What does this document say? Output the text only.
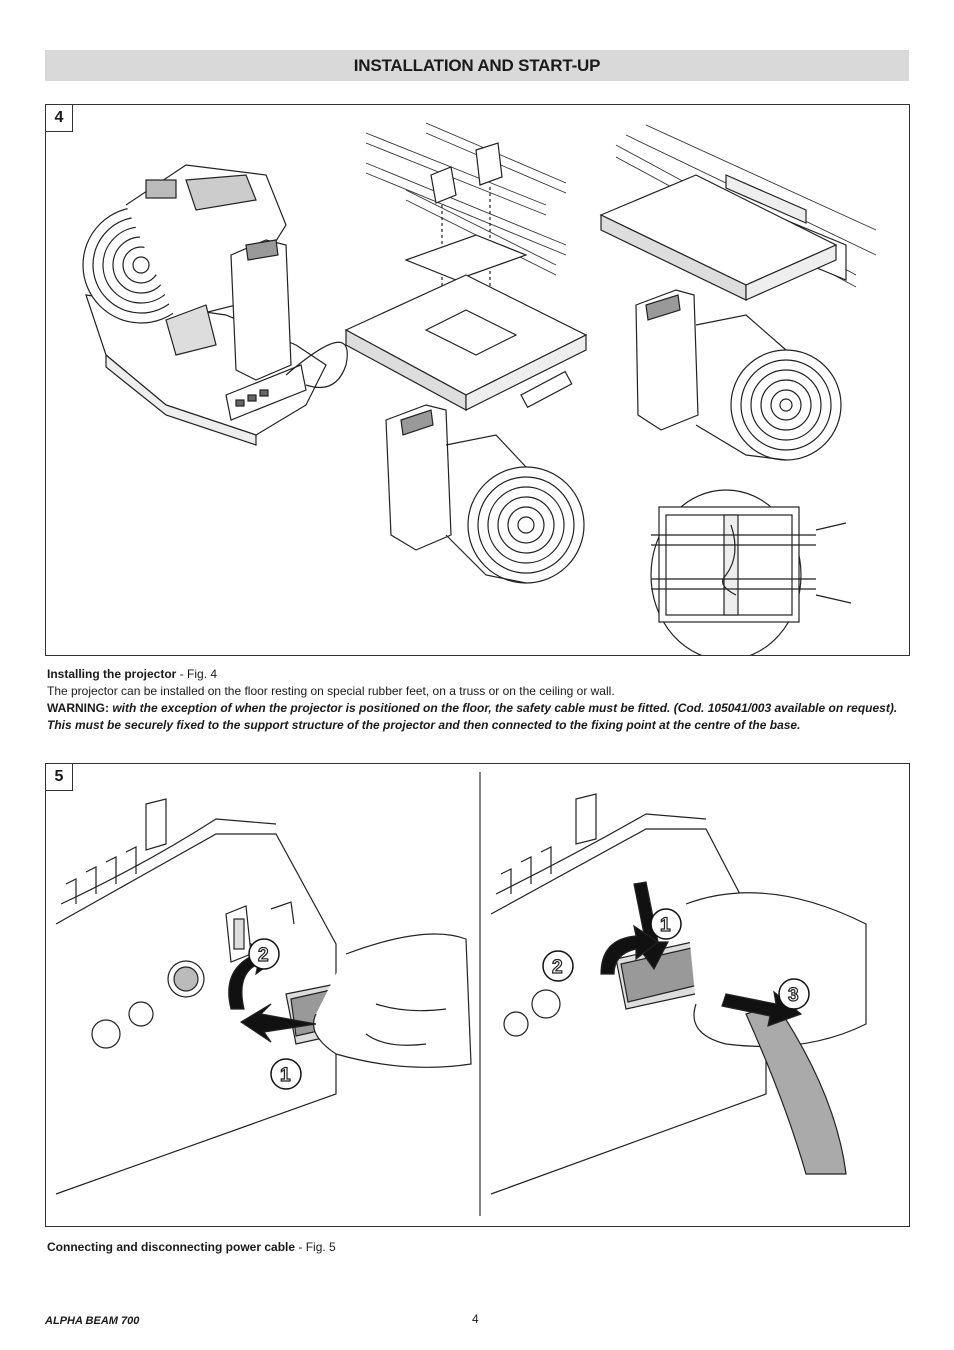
INSTALLATION AND START-UP
4
Installing the projector - Fig. 4
The projector can be installed on the floor resting on special rubber feet, on a truss or on the ceiling or wall.
WARNING: with the exception of when the projector is positioned on the floor, the safety cable must be fitted. (Cod. 105041/003 available on request).
This must be securely fixed to the support structure of the projector and then connected to the fixing point at the centre of the base.
5
2
1
1
2
3
Connecting and disconnecting power cable - Fig. 5
ALPHA BEAM 700	4
